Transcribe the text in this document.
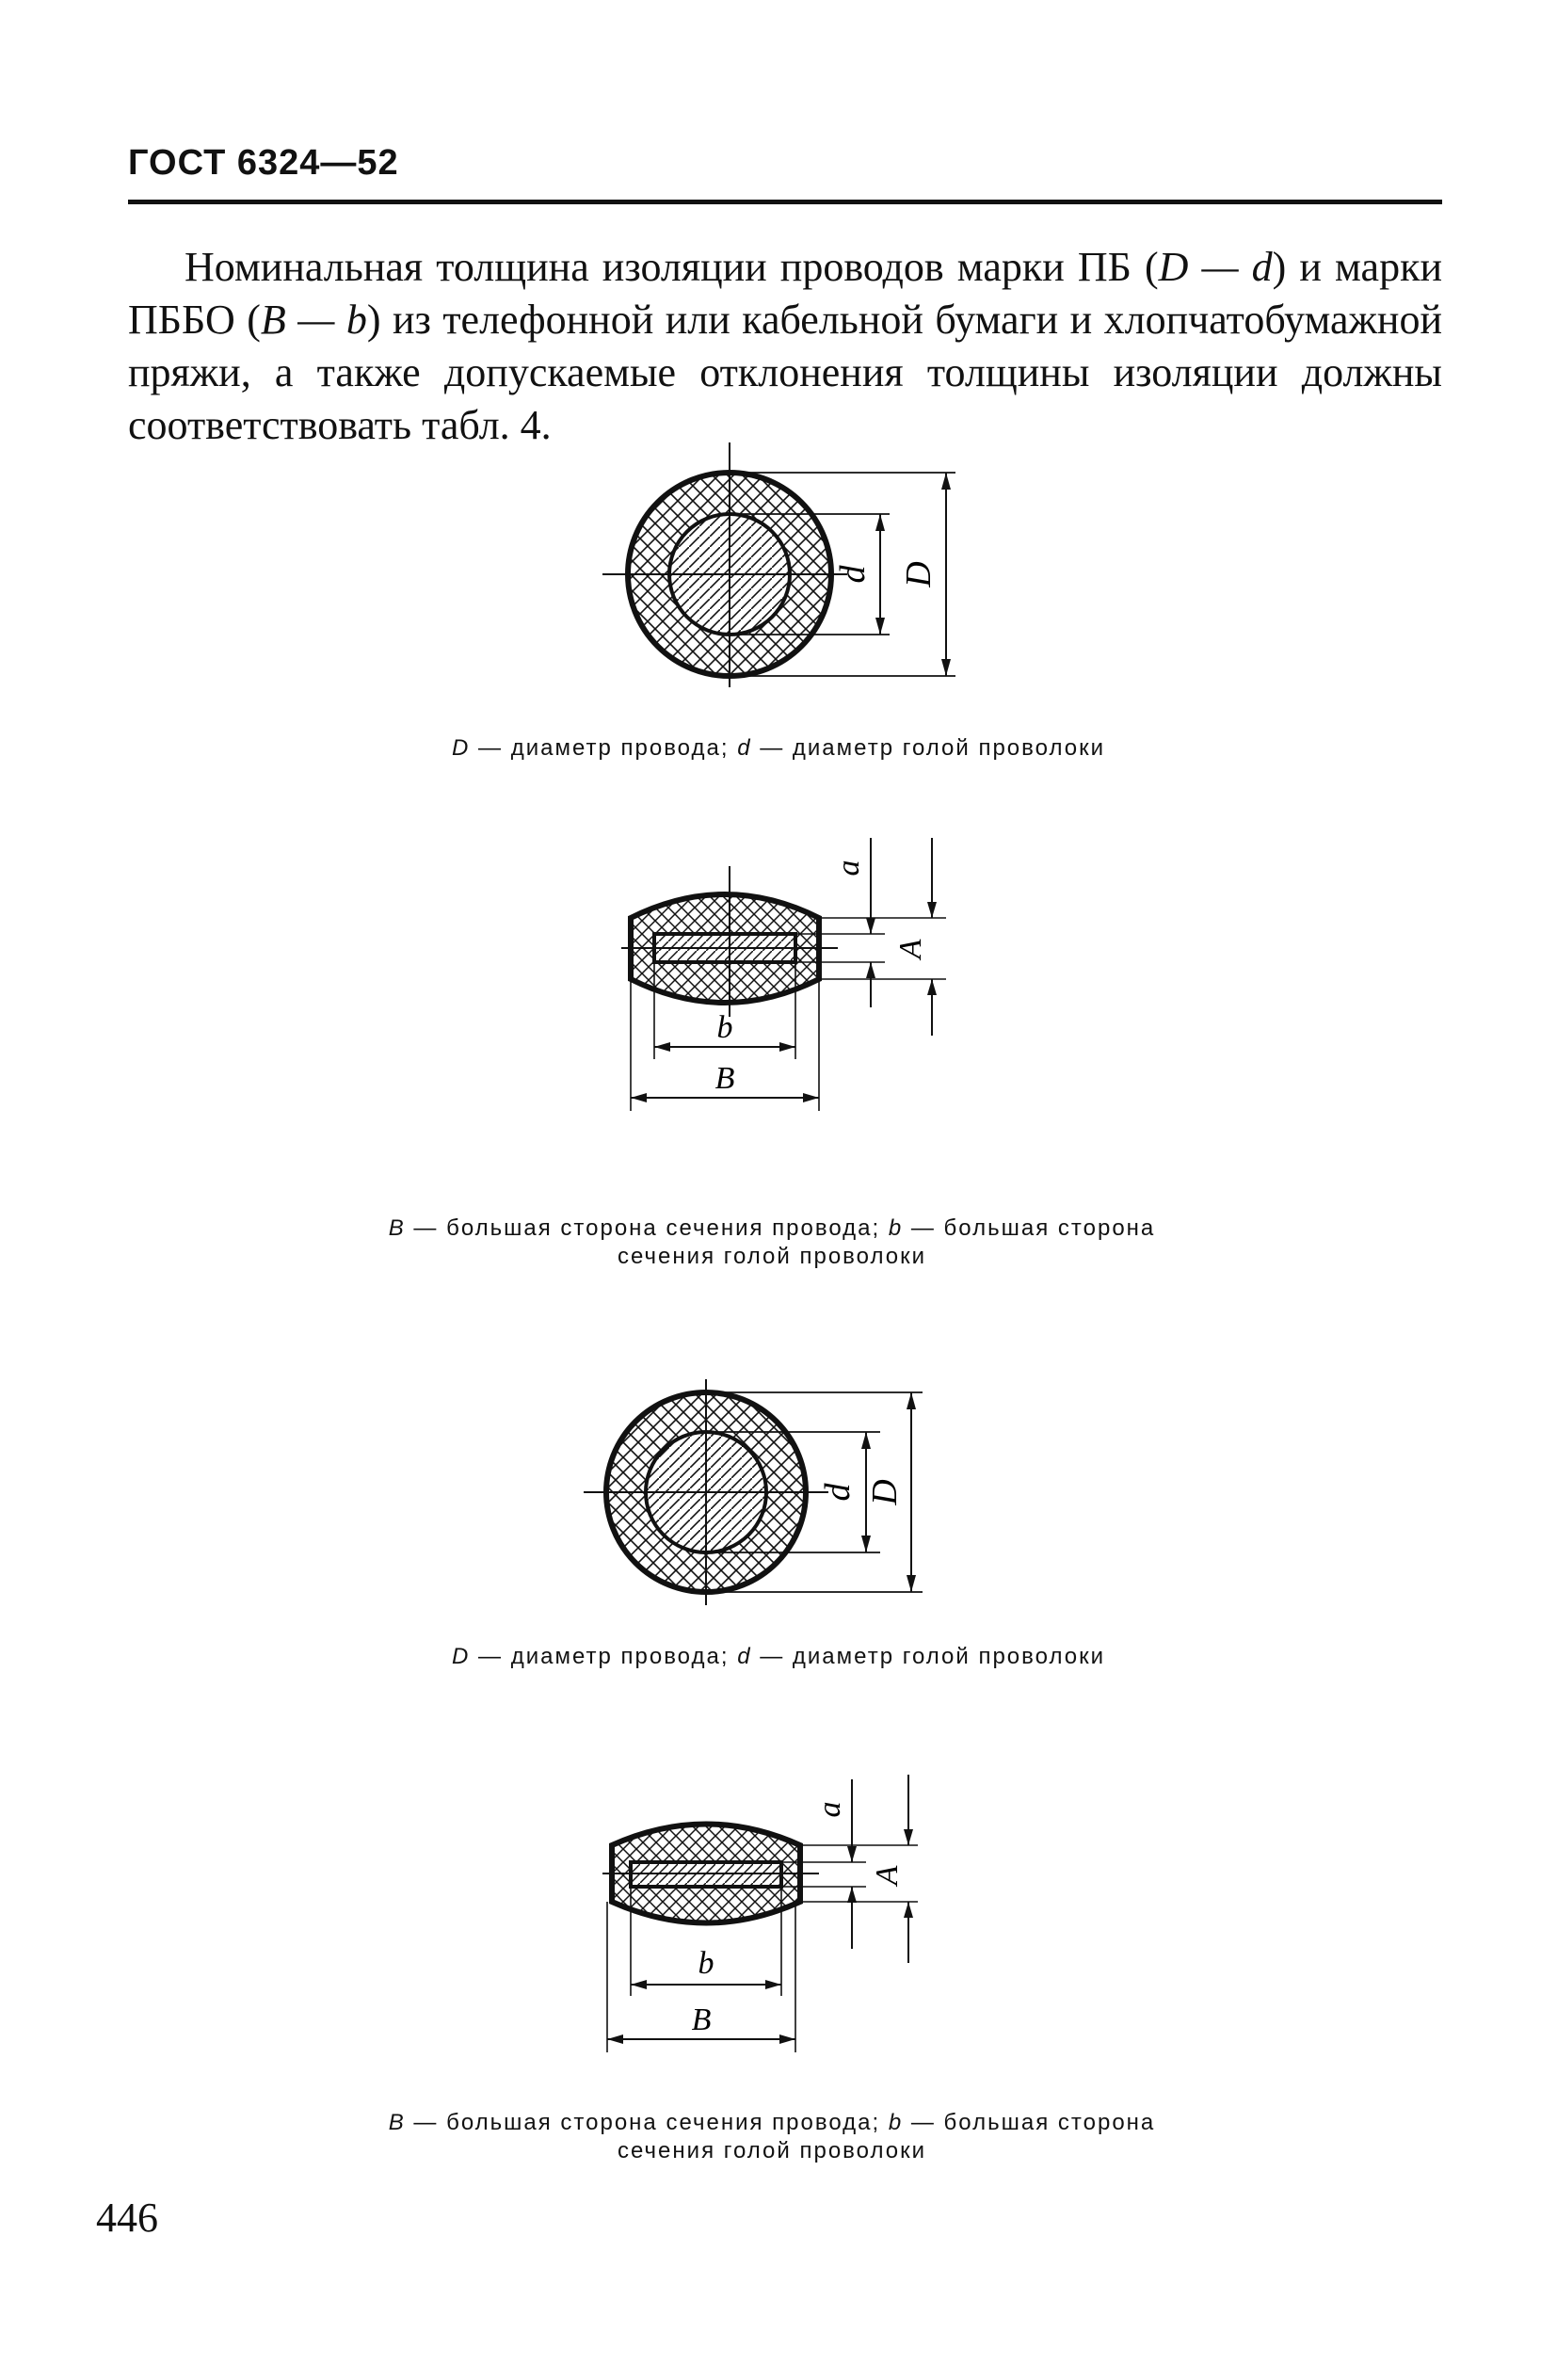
ГОСТ 6324—52
Номинальная толщина изоляции проводов марки ПБ (D — d) и марки ПББО (B — b) из телефонной или кабельной бумаги и хлопчатобумажной пряжи, а также допускаемые отклонения толщины изоляции должны соответствовать табл. 4.
d D
D — диаметр провода; d — диаметр голой проволоки
a
A
b
B
B — большая сторона сечения провода; b — большая сторона сечения голой проволоки
d D
D — диаметр провода; d — диаметр голой проволоки
a
A
b
B
B — большая сторона сечения провода; b — большая сторона сечения голой проволоки
446
